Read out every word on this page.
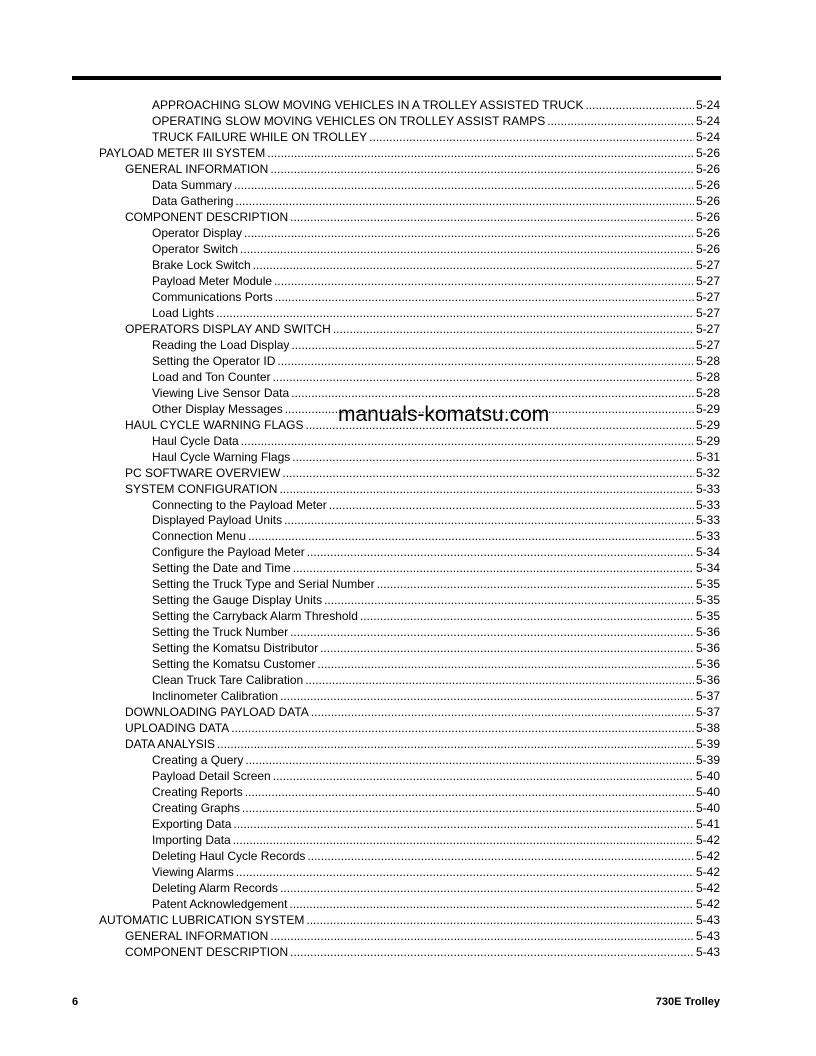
APPROACHING SLOW MOVING VEHICLES IN A TROLLEY ASSISTED TRUCK .....	5-24
OPERATING SLOW MOVING VEHICLES ON TROLLEY ASSIST RAMPS .....	5-24
TRUCK FAILURE WHILE ON TROLLEY .....	5-24
PAYLOAD METER III SYSTEM .....	5-26
GENERAL INFORMATION .....	5-26
Data Summary .....	5-26
Data Gathering .....	5-26
COMPONENT DESCRIPTION .....	5-26
Operator Display .....	5-26
Operator Switch .....	5-26
Brake Lock Switch .....	5-27
Payload Meter Module .....	5-27
Communications Ports .....	5-27
Load Lights .....	5-27
OPERATORS DISPLAY AND SWITCH .....	5-27
Reading the Load Display .....	5-27
Setting the Operator ID .....	5-28
Load and Ton Counter .....	5-28
Viewing Live Sensor Data .....	5-28
Other Display Messages .....	5-29
HAUL CYCLE WARNING FLAGS .....	5-29
Haul Cycle Data .....	5-29
Haul Cycle Warning Flags .....	5-31
PC SOFTWARE OVERVIEW .....	5-32
SYSTEM CONFIGURATION .....	5-33
Connecting to the Payload Meter .....	5-33
Displayed Payload Units .....	5-33
Connection Menu .....	5-33
Configure the Payload Meter .....	5-34
Setting the Date and Time .....	5-34
Setting the Truck Type and Serial Number .....	5-35
Setting the Gauge Display Units .....	5-35
Setting the Carryback Alarm Threshold .....	5-35
Setting the Truck Number .....	5-36
Setting the Komatsu Distributor .....	5-36
Setting the Komatsu Customer .....	5-36
Clean Truck Tare Calibration .....	5-36
Inclinometer Calibration .....	5-37
DOWNLOADING PAYLOAD DATA .....	5-37
UPLOADING DATA .....	5-38
DATA ANALYSIS .....	5-39
Creating a Query .....	5-39
Payload Detail Screen .....	5-40
Creating Reports .....	5-40
Creating Graphs .....	5-40
Exporting Data .....	5-41
Importing Data .....	5-42
Deleting Haul Cycle Records .....	5-42
Viewing Alarms .....	5-42
Deleting Alarm Records .....	5-42
Patent Acknowledgement .....	5-42
AUTOMATIC LUBRICATION SYSTEM .....	5-43
GENERAL INFORMATION .....	5-43
COMPONENT DESCRIPTION .....	5-43
manuals-komatsu.com
6	730E Trolley
